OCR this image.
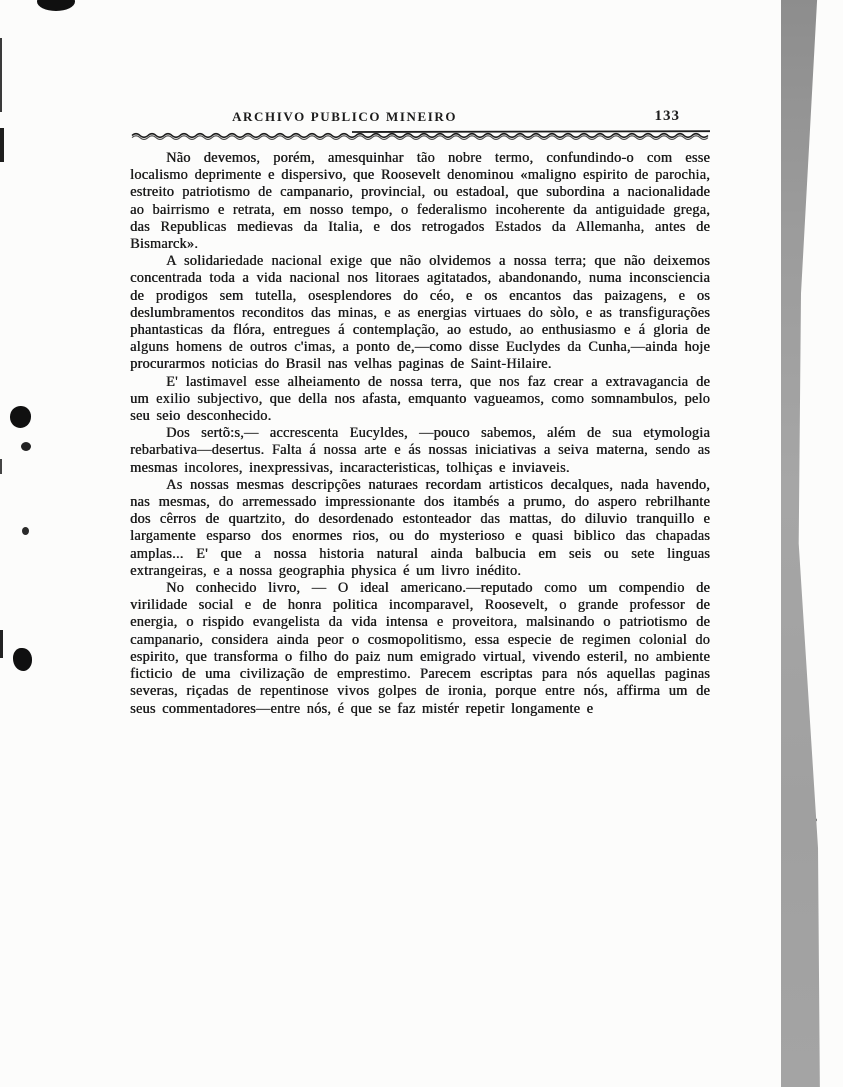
ARCHIVO PUBLICO MINEIRO	133

Não devemos, porém, amesquinhar tão nobre termo, confundindo-o com esse localismo deprimente e dispersivo, que Roosevelt denominou «maligno espirito de parochia, estreito patriotismo de campanario, provincial, ou estadoal, que subordina a nacionalidade ao bairrismo e retrata, em nosso tempo, o federalismo incoherente da antiguidade grega, das Republicas medievas da Italia, e dos retrogados Estados da Allemanha, antes de Bismarck».

A solidariedade nacional exige que não olvidemos a nossa terra; que não deixemos concentrada toda a vida nacional nos litoraes agitatados, abandonando, numa inconsciencia de prodigos sem tutella, osesplendores do céo, e os encantos das paizagens, e os deslumbramentos reconditos das minas, e as energias virtuaes do sòlo, e as transfigurações phantasticas da flóra, entregues á contemplação, ao estudo, ao enthusiasmo e á gloria de alguns homens de outros c'imas, a ponto de,—como disse Euclydes da Cunha,—ainda hoje procurarmos noticias do Brasil nas velhas paginas de Saint-Hilaire.

E' lastimavel esse alheiamento de nossa terra, que nos faz crear a extravagancia de um exilio subjectivo, que della nos afasta, emquanto vagueamos, como somnambulos, pelo seu seio desconhecido.

Dos sertõ:s,— accrescenta Eucyldes, —pouco sabemos, além de sua etymologia rebarbativa—desertus. Falta á nossa arte e ás nossas iniciativas a seiva materna, sendo as mesmas incolores, inexpressivas, incaracteristicas, tolhiças e inviaveis.

As nossas mesmas descripções naturaes recordam artisticos decalques, nada havendo, nas mesmas, do arremessado impressionante dos itambés a prumo, do aspero rebrilhante dos cêrros de quartzito, do desordenado estonteador das mattas, do diluvio tranquillo e largamente esparso dos enormes rios, ou do mysterioso e quasi biblico das chapadas amplas... E' que a nossa historia natural ainda balbucia em seis ou sete linguas extrangeiras, e a nossa geographia physica é um livro inédito.

No conhecido livro, — O ideal americano.—reputado como um compendio de virilidade social e de honra politica incomparavel, Roosevelt, o grande professor de energia, o rispido evangelista da vida intensa e proveitora, malsinando o patriotismo de campanario, considera ainda peor o cosmopolitismo, essa especie de regimen colonial do espirito, que transforma o filho do paiz num emigrado virtual, vivendo esteril, no ambiente ficticio de uma civilização de emprestimo. Parecem escriptas para nós aquellas paginas severas, riçadas de repentinose vivos golpes de ironia, porque entre nós, affirma um de seus commentadores—entre nós, é que se faz mistér repetir longamente e
